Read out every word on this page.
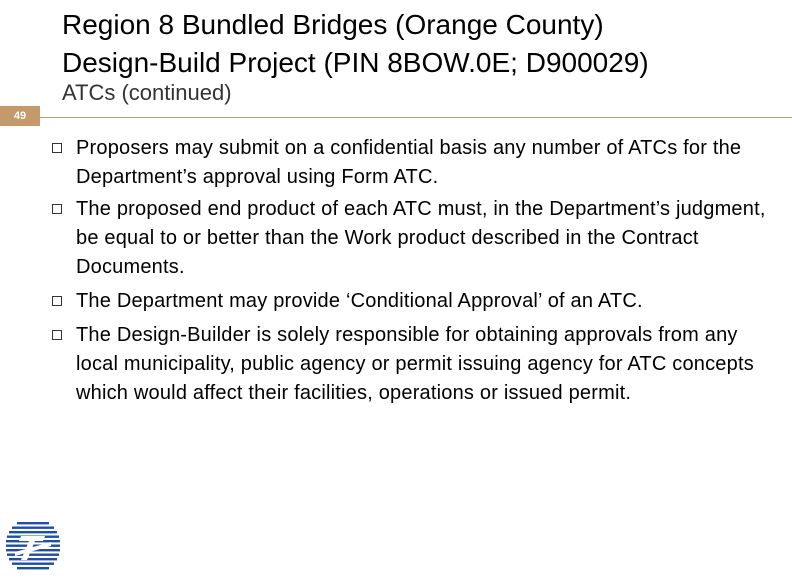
Region 8 Bundled Bridges (Orange County)
Design-Build Project (PIN 8BOW.0E; D900029)
ATCs (continued)
49
Proposers may submit on a confidential basis any number of ATCs for the Department’s approval using Form ATC.
The proposed end product of each ATC must, in the Department’s judgment, be equal to or better than the Work product described in the Contract Documents.
The Department may provide ‘Conditional Approval’ of an ATC.
The Design-Builder is solely responsible for obtaining approvals from any local municipality, public agency or permit issuing agency for ATC concepts which would affect their facilities, operations or issued permit.
